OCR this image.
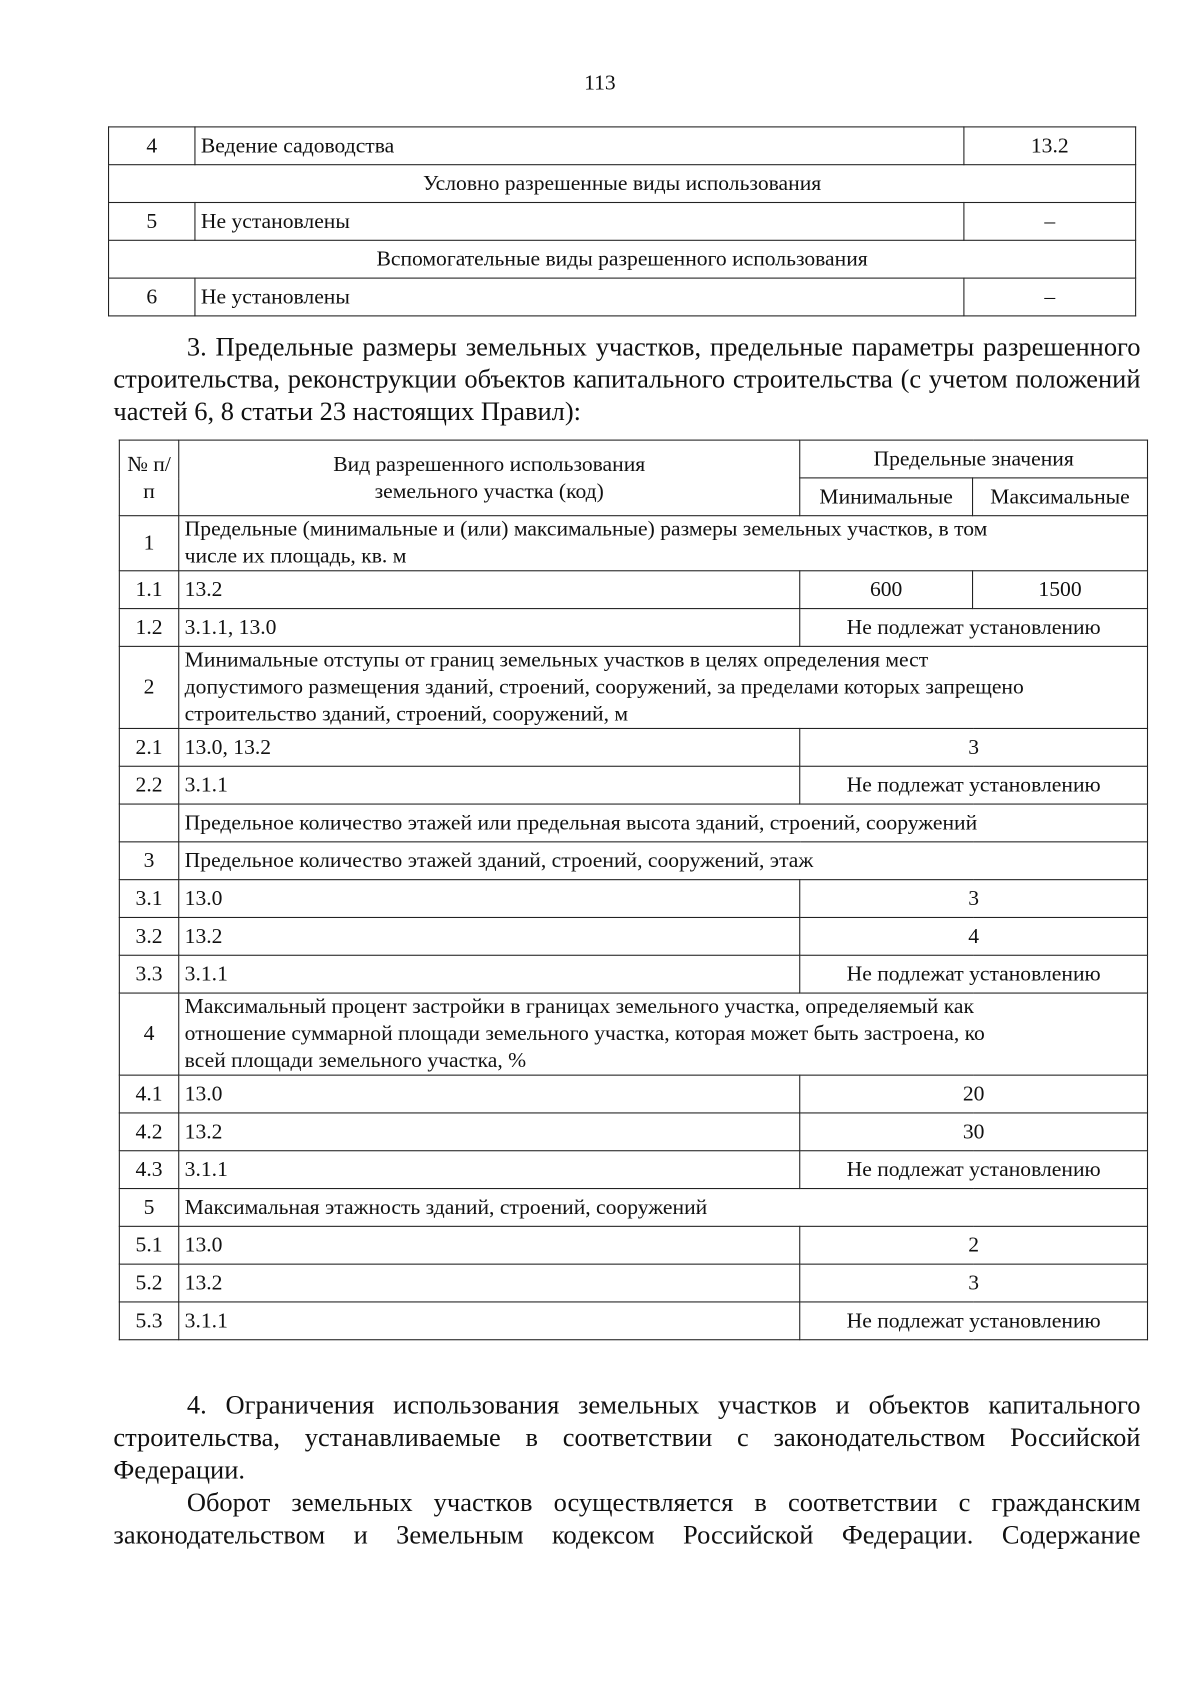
113
4	Ведение садоводства	13.2
Условно разрешенные виды использования		
5	Не установлены	–
Вспомогательные виды разрешенного использования		
6	Не установлены	–
3. Предельные размеры земельных участков, предельные параметры разрешенного строительства, реконструкции объектов капитального строительства (с учетом положений частей 6, 8 статьи 23 настоящих Правил):
№ п/п	Вид разрешенного использования земельного участка (код)	Предельные значения	
		Минимальные	Максимальные
1	Предельные (минимальные и (или) максимальные) размеры земельных участков, в том числе их площадь, кв. м		
1.1	13.2	600	1500
1.2	3.1.1, 13.0	Не подлежат установлению	
2	Минимальные отступы от границ земельных участков в целях определения мест допустимого размещения зданий, строений, сооружений, за пределами которых запрещено строительство зданий, строений, сооружений, м		
2.1	13.0, 13.2	3	
2.2	3.1.1	Не подлежат установлению	
	Предельное количество этажей или предельная высота зданий, строений, сооружений		
3	Предельное количество этажей зданий, строений, сооружений, этаж		
3.1	13.0	3	
3.2	13.2	4	
3.3	3.1.1	Не подлежат установлению	
4	Максимальный процент застройки в границах земельного участка, определяемый как отношение суммарной площади земельного участка, которая может быть застроена, ко всей площади земельного участка, %		
4.1	13.0	20	
4.2	13.2	30	
4.3	3.1.1	Не подлежат установлению	
5	Максимальная этажность зданий, строений, сооружений		
5.1	13.0	2	
5.2	13.2	3	
5.3	3.1.1	Не подлежат установлению	
4. Ограничения использования земельных участков и объектов капитального строительства, устанавливаемые в соответствии с законодательством Российской Федерации.
Оборот земельных участков осуществляется в соответствии с гражданским законодательством и Земельным кодексом Российской Федерации. Содержание
